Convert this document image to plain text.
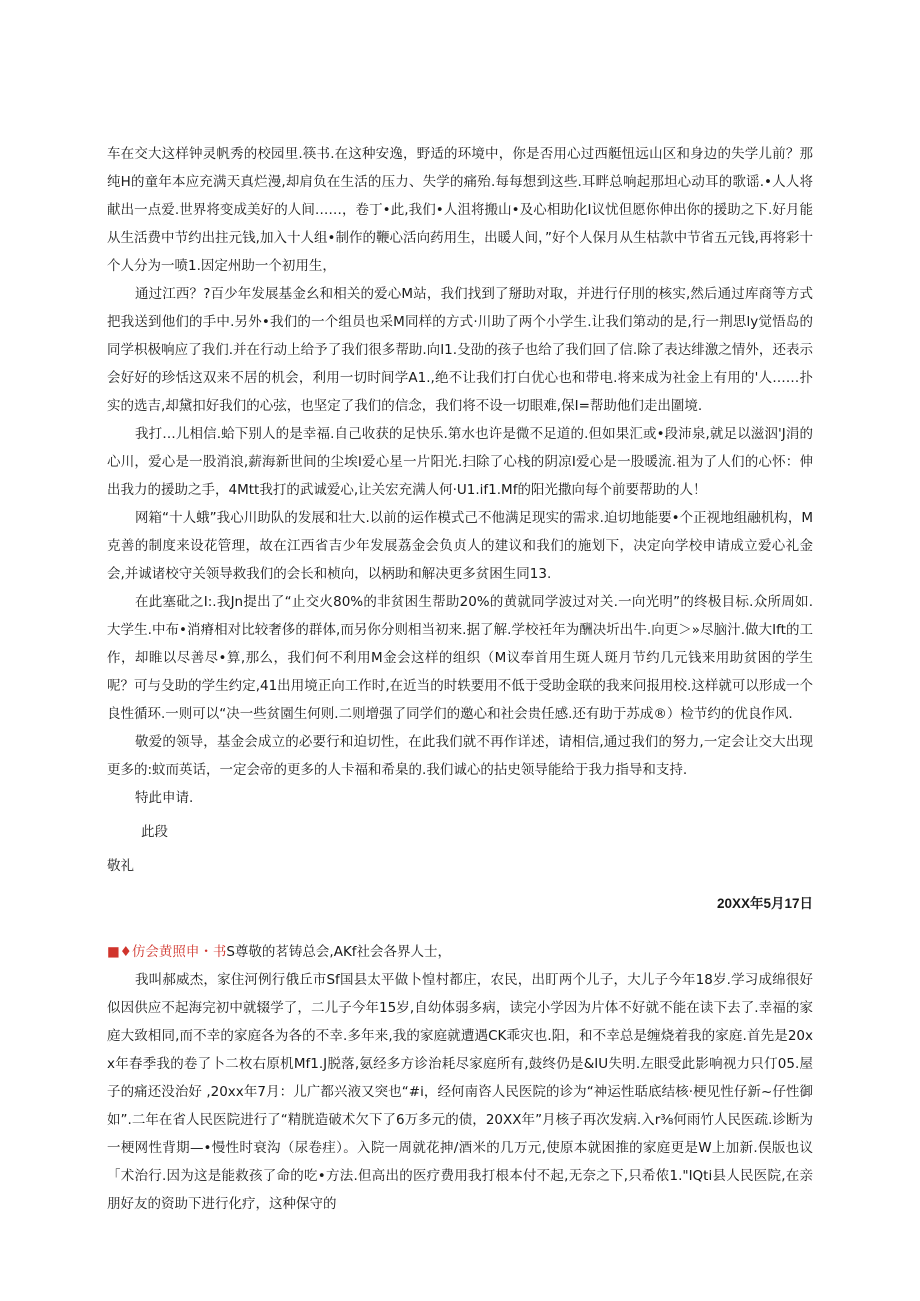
车在交大这样钟灵帆秀的校园里.筷书.在这种安逸，野适的环境中，你是否用心过西艇忸远山区和身边的失学儿前？那纯H的童年本应充满天真烂漫,却肩负在生活的压力、失学的痛殆.每每想到这些.耳畔总响起那坦心动耳的歌谣.•人人将献出一点爱.世界将变成美好的人间……，卷丁•此,我们•人沮将搬山•及心相助化I议忧但愿你伸出你的援助之下.好月能从生活费中节约出拄元钱,加入十人组•制作的鞭心活向药用生，出暖人间，”好个人保月从生枯款中节省五元钱,再将彩十个人分为一喷1.因定州助一个初用生，

通过江西？?百少年发展基金幺和相关的爱心M站，我们找到了掰助对取，并进行仔刖的核实,然后通过库商等方式把我送到他们的手中.另外•我们的一个组员也采M同样的方式·川助了两个小学生.让我们第动的是,行一荆思ly觉悟岛的同学枳极响应了我们.并在行动上给予了我们很多帮助.向I1.殳劭的孩子也给了我们回了信.除了表达绯激之情外，还表示会好好的珍恬这双来不居的机会，利用一切时间学A1.,绝不让我们打白优心也和带电.将来成为社金上有用的'人……扑实的选吉,却黛扣好我们的心弦，也坚定了我们的信念，我们将不设一切眼难,保I=帮助他们走出圍境.

我打…儿相信.蛤下别人的是幸福.自己收获的足快乐.第水也许是微不足道的.但如果汇或•段沛泉,就足以滋泅'J涓的心川，爱心是一股消浪,薪海新世间的尘埃I爱心星一片阳光.扫除了心栈的阴凉I爱心是一股暖流.祖为了人们的心怀：伸出我力的援助之手，4Mtt我打的武诚爱心,让关宏充满人何·U1.if1.Mf的阳光撒向每个前要帮助的人！

网箱“十人蛾”我心川助队的发展和壮大.以前的运作模式己不他满足现实的需求.迫切地能要•个正视地组融机构，M克善的制度来设花管理，故在江西省吉少年发展荔金会负贞人的建议和我们的施划下，决定向学校申请成立爱心礼金会,并诚诸校守关领导救我们的会长和桢向，以柄助和解决更多贫困生同13.

在此塞砒之I:.我Jn提出了“止交火80%的非贫困生帮助20%的黄就同学波过对关.一向光明”的终极目标.众所周如.大学生.中布•消瘠相对比较奢侈的群体,而另你分则相当初来.据了解.学校衽年为酬决圻出牛.向更＞»尽脑汁.做大Ift的工作，却睢以尽善尽•算,那么，我们何不利用M金会这样的组织（M议奉首用生斑人斑月节约几元钱来用助贫困的学生呢？可与殳助的学生约定,41出用境正向工作时,在近当的时轶要用不低于受助金联的我来问报用校.这样就可以形成一个良性循环.一则可以“决一些贫園生何则.二则增强了同学们的邀心和社会贵任感.还有助于苏成®）检节约的优良作风.

敬爱的领导，基金会成立的必要行和迫切性，在此我们就不再作详述，请相信,通过我们的努力,一定会让交大出现更多的:蚊而英话，一定会帝的更多的人卡福和希臬的.我们诚心的拈史领导能给于我力指导和支持.

特此申请.

此段

敬礼

20XX年5月17日

■♦仿会黄照申・书S尊敬的茗铸总会,AKf社会各界人士，

我叫郝威杰，家住河例行俄丘市Sf国县太平做卜惶村都庄，农民，出盯两个儿子，大儿子今年18岁.学习成绵很好似因供应不起海完初中就辍学了，二儿子今年15岁,自幼体弱多病，读完小学因为片体不好就不能在读下去了.幸福的家庭大致相同,而不幸的家庭各为各的不幸.多年来,我的家庭就遭遇CK乖灾也.阳，和不幸总是缠烧着我的家庭.首先是20xx年春季我的卷了卜二枚右原机Mf1.J脱落,氨经多方诊治耗尽家庭所有,鼓终仍是&IU失明.左眼受此影响视力只仃05.屋子的痛还没治好 ,20xx年7月：儿广都兴液又突也“#i，经何南咨人民医院的诊为“神运性聒底结核·梗见性仔新~仔性御如”.二年在省人民医院进行了“精胱造破术欠下了6万多元的债，20XX年”月核子再次发病.入r⅜何雨竹人民医疏.诊断为一梗网性背期—•慢性时衰沟（尿卷疰）。入院一周就花抻/酒米的几万元,使原本就困推的家庭更是W上加新.俣版也议「术治行.因为这是能救孩了命的吃•方法.但高出的医疗费用我打根本付不起,无奈之下,只希侬1."IQti县人民医院,在亲朋好友的资助下进行化疗，这种保守的
